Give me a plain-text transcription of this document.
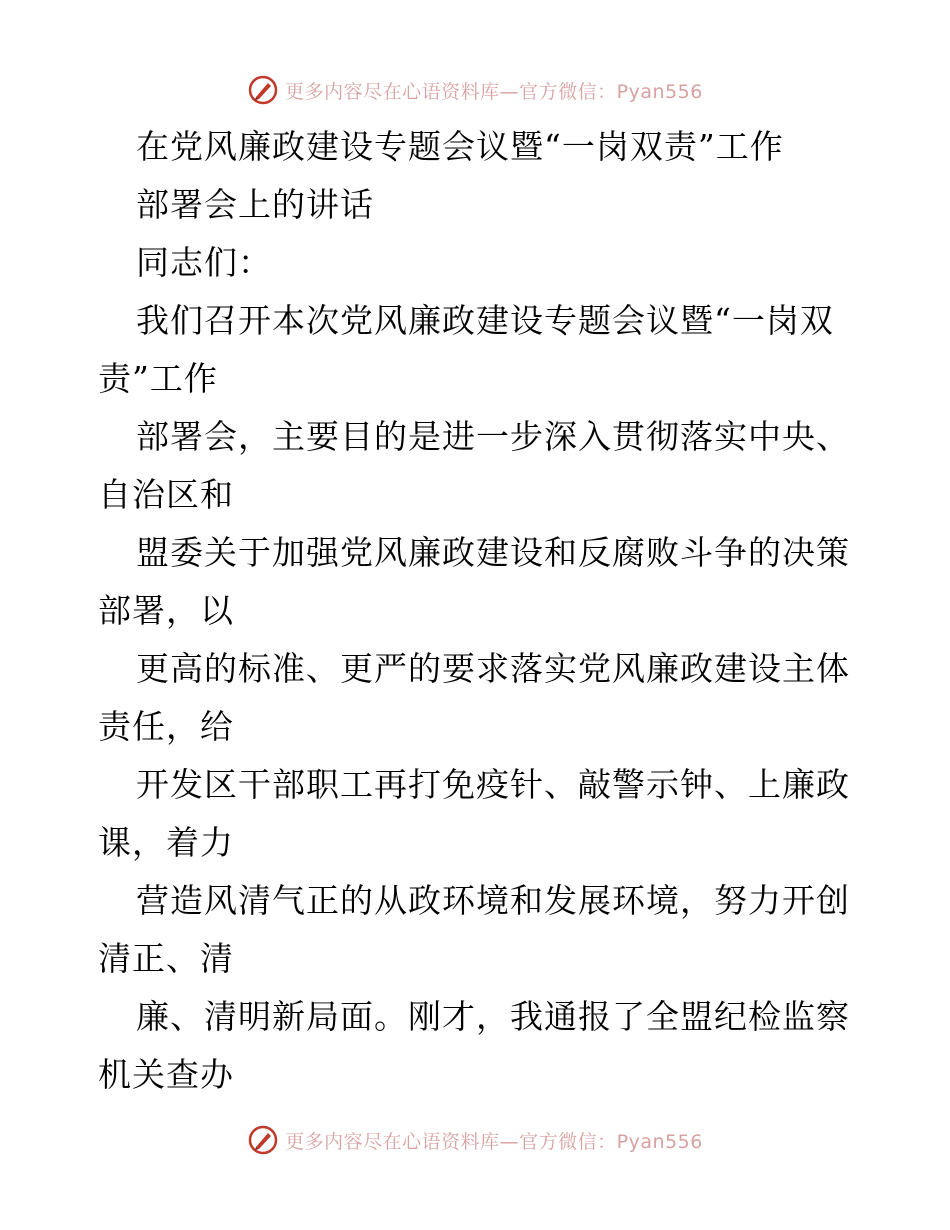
更多内容尽在心语资料库—官方微信：Pyan556
在党风廉政建设专题会议暨“一岗双责”工作
部署会上的讲话
同志们：
我们召开本次党风廉政建设专题会议暨“一岗双
责”工作
部署会，主要目的是进一步深入贯彻落实中央、
自治区和
盟委关于加强党风廉政建设和反腐败斗争的决策
部署，以
更高的标准、更严的要求落实党风廉政建设主体
责任，给
开发区干部职工再打免疫针、敲警示钟、上廉政
课，着力
营造风清气正的从政环境和发展环境，努力开创
清正、清
廉、清明新局面。刚才，我通报了全盟纪检监察
机关查办
更多内容尽在心语资料库—官方微信：Pyan556
